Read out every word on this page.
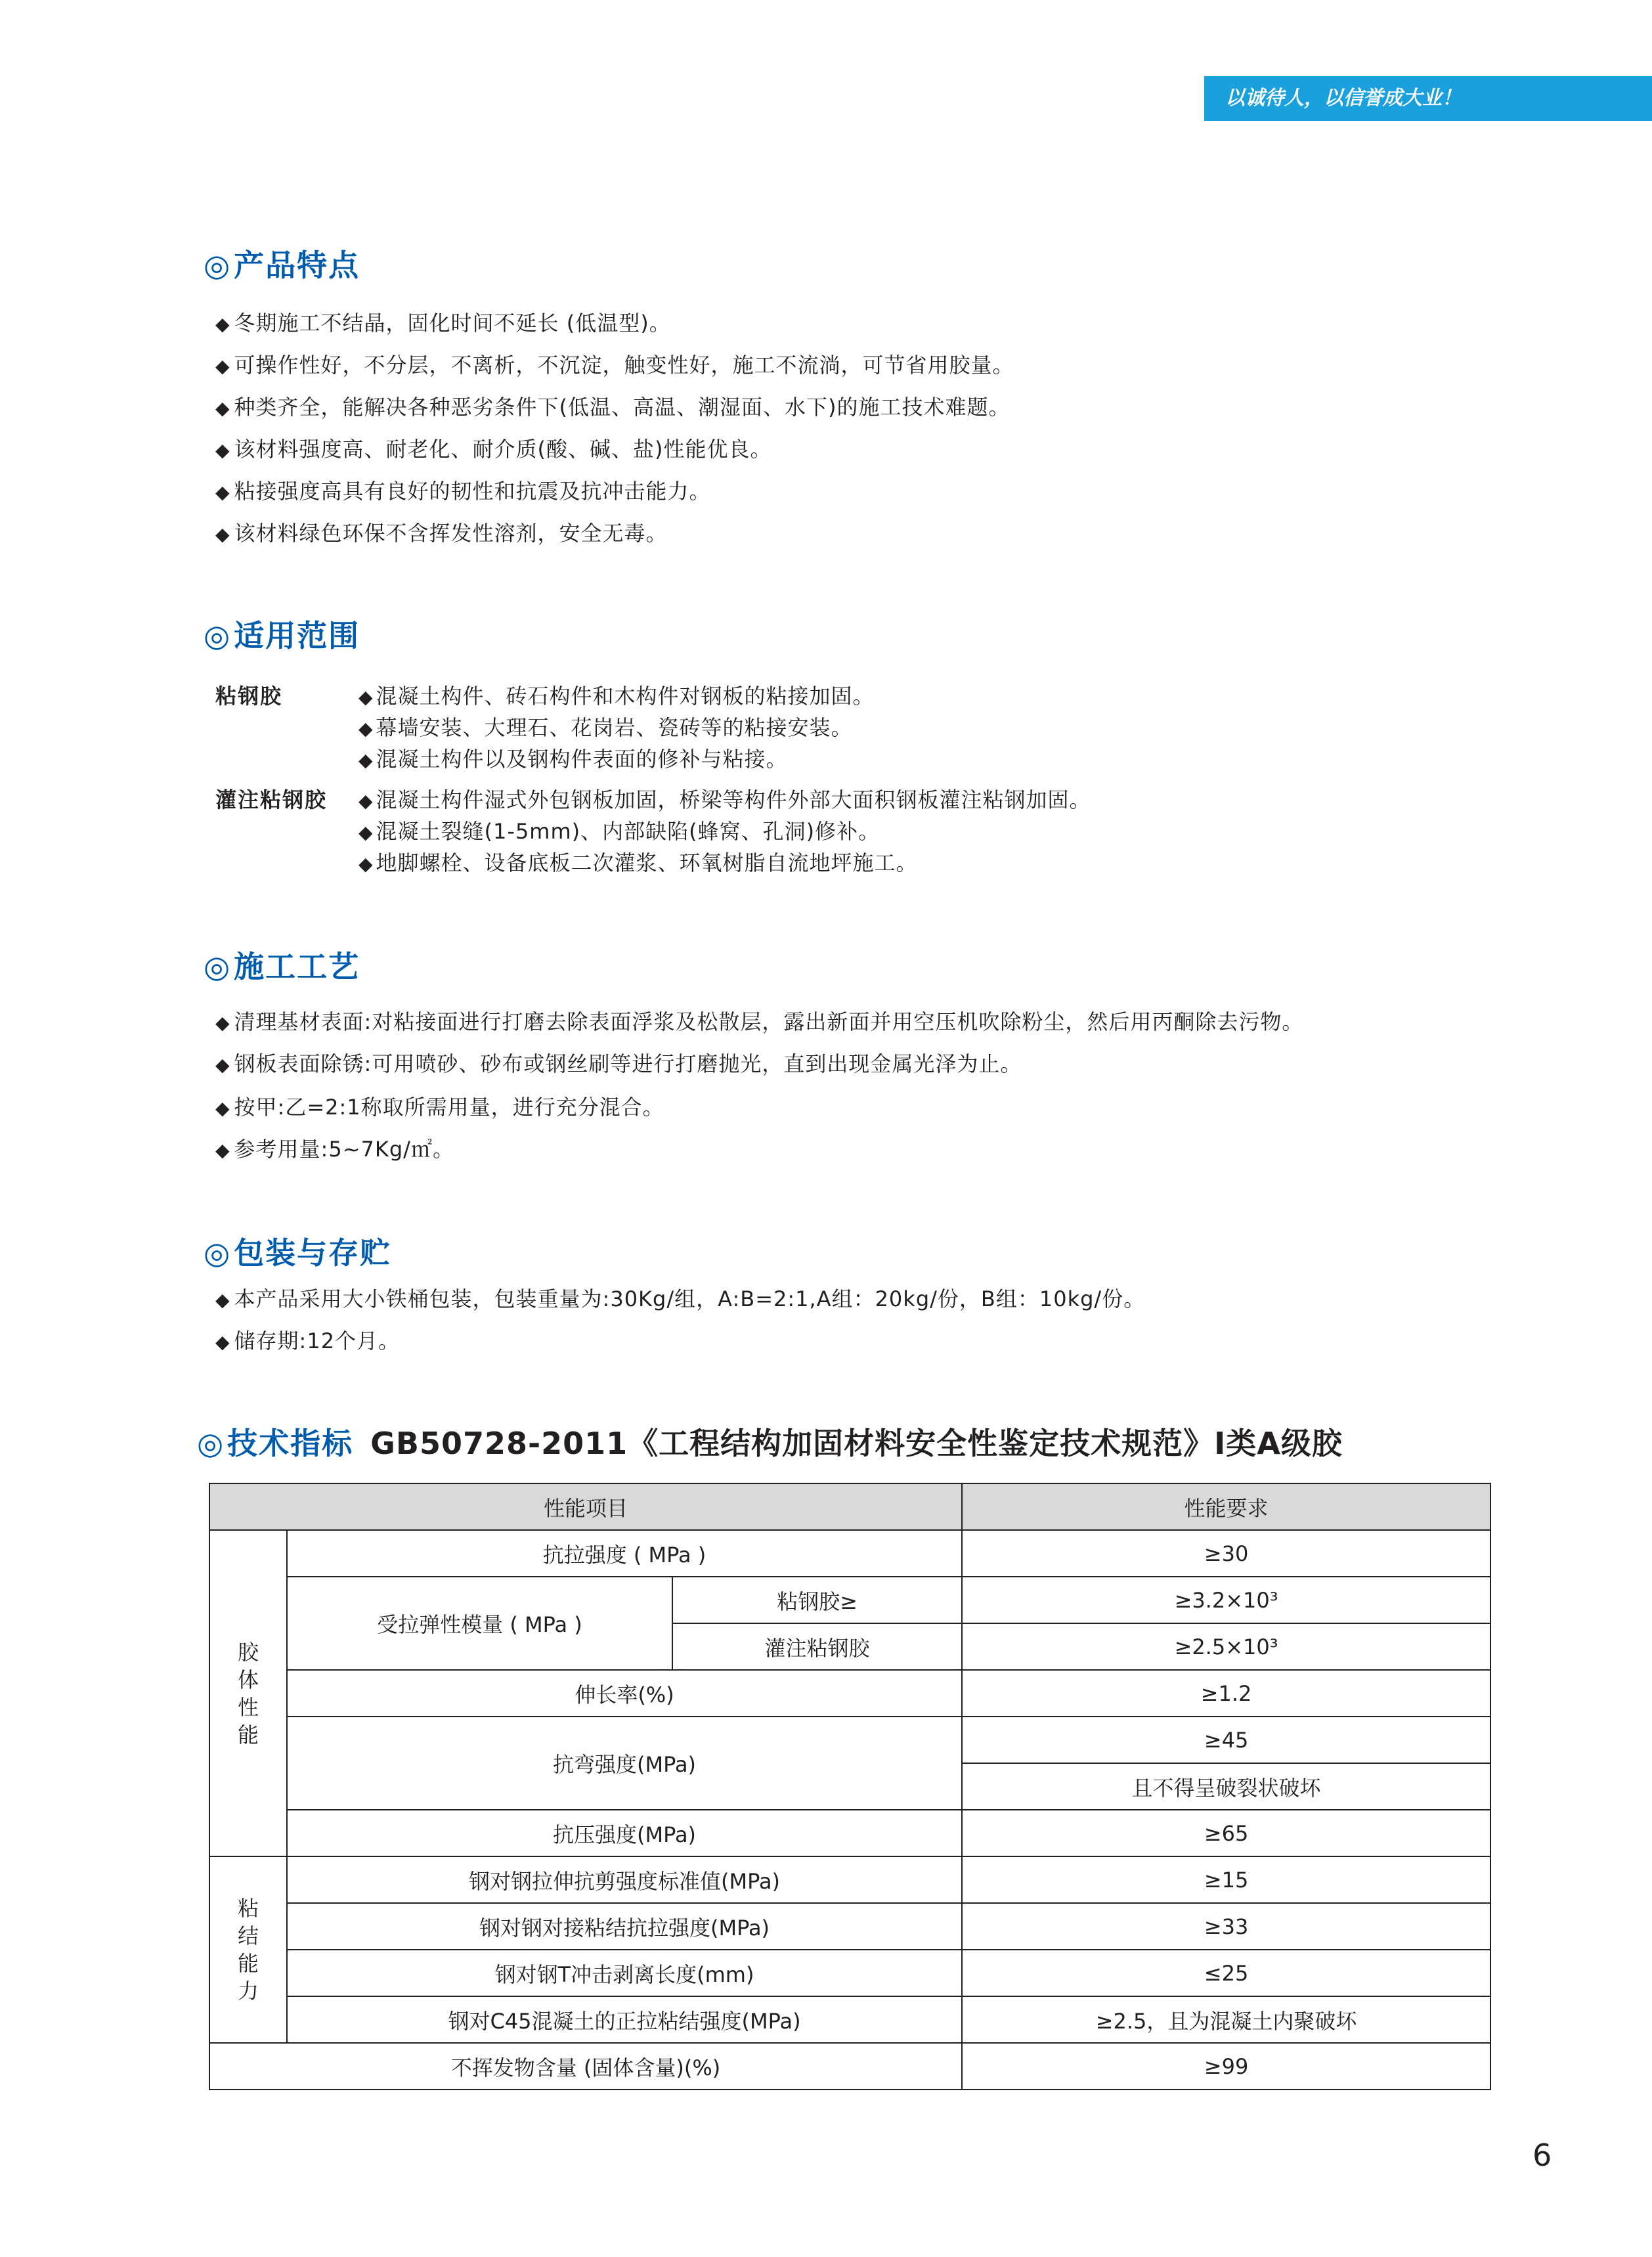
以诚待人，以信誉成大业！
◎产品特点
◆ 冬期施工不结晶，固化时间不延长 (低温型)。
◆ 可操作性好，不分层，不离析，不沉淀，触变性好，施工不流淌，可节省用胶量。
◆ 种类齐全，能解决各种恶劣条件下(低温、高温、潮湿面、水下)的施工技术难题。
◆ 该材料强度高、耐老化、耐介质(酸、碱、盐)性能优良。
◆ 粘接强度高具有良好的韧性和抗震及抗冲击能力。
◆ 该材料绿色环保不含挥发性溶剂，安全无毒。
◎适用范围
粘钢胶	◆ 混凝土构件、砖石构件和木构件对钢板的粘接加固。
◆ 幕墙安装、大理石、花岗岩、瓷砖等的粘接安装。
◆ 混凝土构件以及钢构件表面的修补与粘接。
灌注粘钢胶	◆ 混凝土构件湿式外包钢板加固，桥梁等构件外部大面积钢板灌注粘钢加固。
◆ 混凝土裂缝(1-5mm)、内部缺陷(蜂窝、孔洞)修补。
◆ 地脚螺栓、设备底板二次灌浆、环氧树脂自流地坪施工。
◎施工工艺
◆ 清理基材表面:对粘接面进行打磨去除表面浮浆及松散层，露出新面并用空压机吹除粉尘，然后用丙酮除去污物。
◆ 钢板表面除锈:可用喷砂、砂布或钢丝刷等进行打磨抛光，直到出现金属光泽为止。
◆ 按甲:乙=2:1称取所需用量，进行充分混合。
◆ 参考用量:5~7Kg/㎡。
◎包装与存贮
◆ 本产品采用大小铁桶包装，包装重量为:30Kg/组，A:B=2:1,A组：20kg/份，B组：10kg/份。
◆ 储存期:12个月。
◎技术指标 GB50728-2011《工程结构加固材料安全性鉴定技术规范》I类A级胶
性能项目			性能要求
胶体性能	抗拉强度 ( MPa )		≥30
	受拉弹性模量 ( MPa )	粘钢胶≥	≥3.2×10³
		灌注粘钢胶	≥2.5×10³
	伸长率(%)		≥1.2
	抗弯强度(MPa)		≥45
			且不得呈破裂状破坏
	抗压强度(MPa)		≥65
粘结能力	钢对钢拉伸抗剪强度标准值(MPa)		≥15
	钢对钢对接粘结抗拉强度(MPa)		≥33
	钢对钢T冲击剥离长度(mm)		≤25
	钢对C45混凝土的正拉粘结强度(MPa)		≥2.5，且为混凝土内聚破坏
不挥发物含量 (固体含量)(%)			≥99
6
